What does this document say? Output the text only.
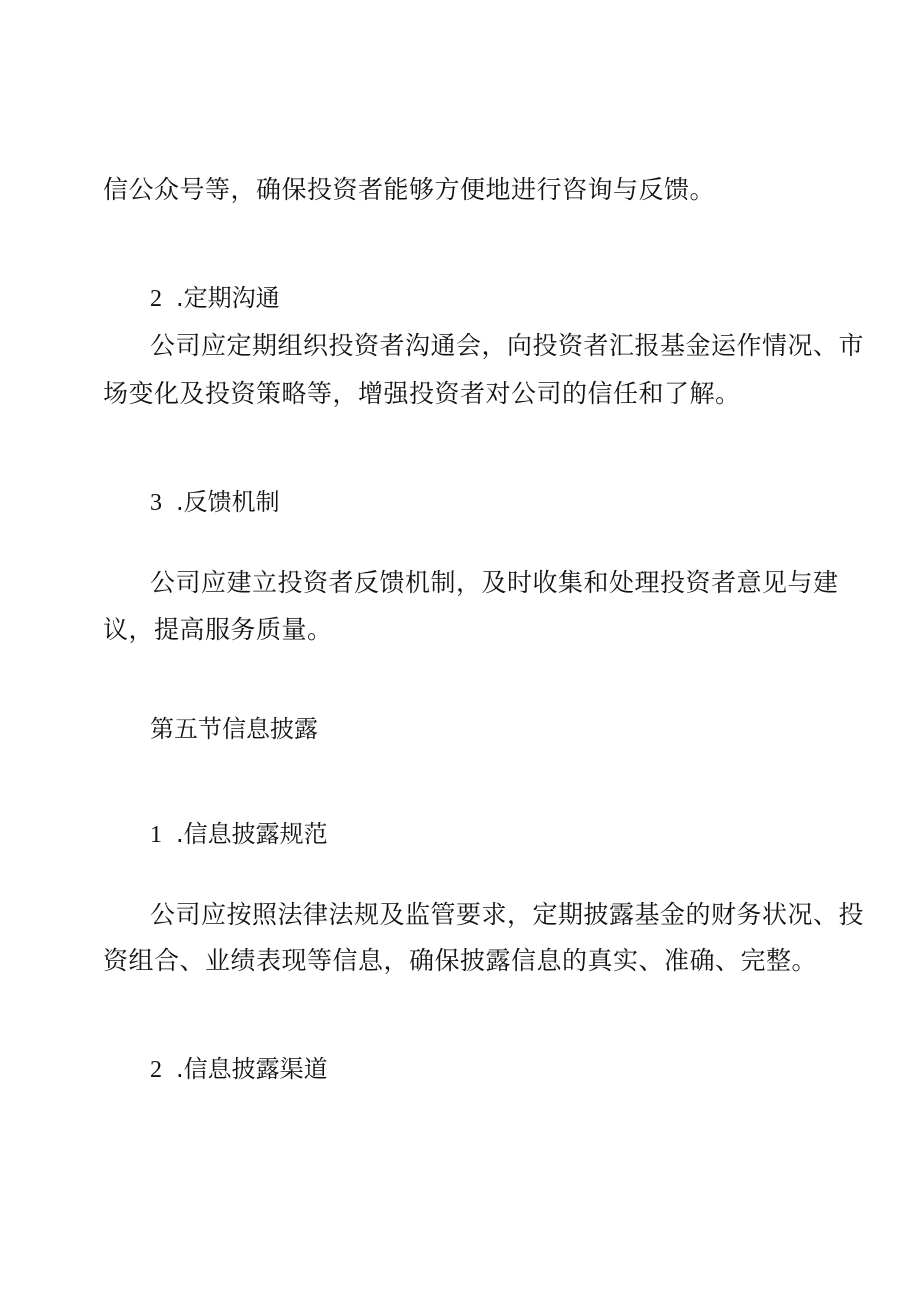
信公众号等，确保投资者能够方便地进行咨询与反馈。
2 .定期沟通
公司应定期组织投资者沟通会，向投资者汇报基金运作情况、市
场变化及投资策略等，增强投资者对公司的信任和了解。
3 .反馈机制
公司应建立投资者反馈机制，及时收集和处理投资者意见与建
议，提高服务质量。
第五节信息披露
1 .信息披露规范
公司应按照法律法规及监管要求，定期披露基金的财务状况、投
资组合、业绩表现等信息，确保披露信息的真实、准确、完整。
2 .信息披露渠道
